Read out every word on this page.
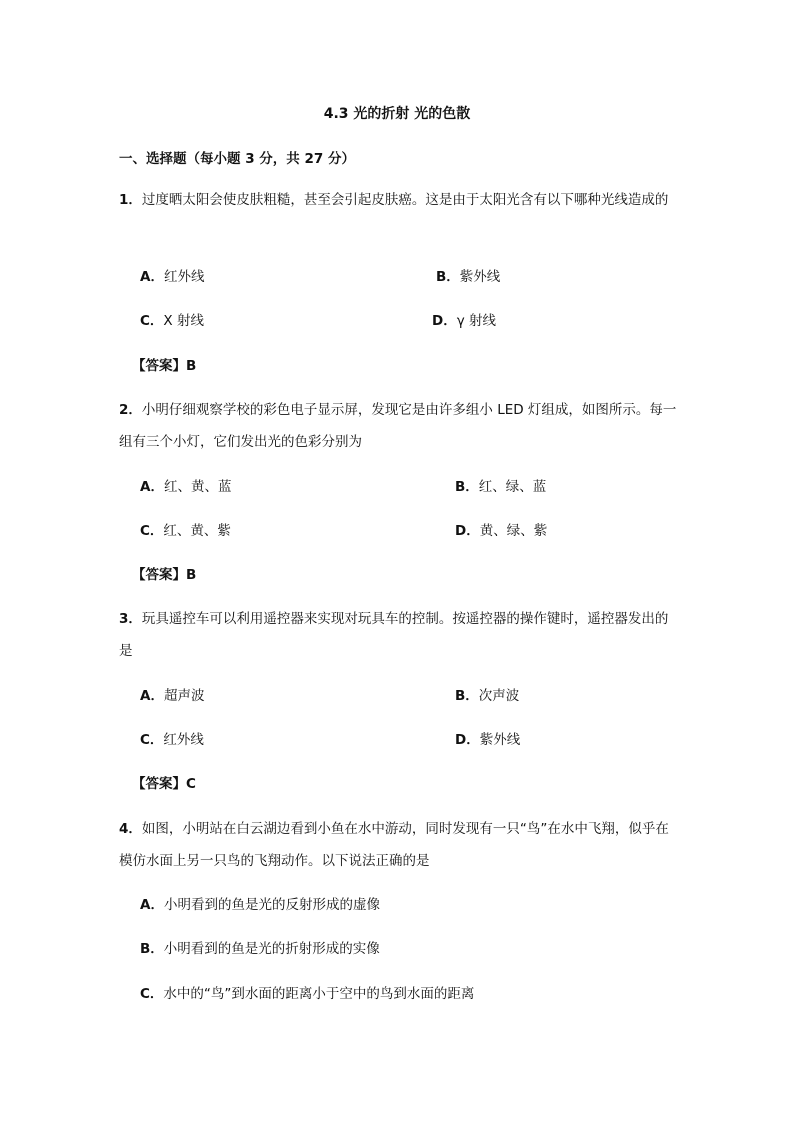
4.3 光的折射 光的色散
一、选择题（每小题 3 分，共 27 分）
1．过度晒太阳会使皮肤粗糙，甚至会引起皮肤癌。这是由于太阳光含有以下哪种光线造成的
A．红外线	B．紫外线
C．X 射线	D．γ 射线
【答案】B
2．小明仔细观察学校的彩色电子显示屏，发现它是由许多组小 LED 灯组成，如图所示。每一组有三个小灯，它们发出光的色彩分别为
A．红、黄、蓝	B．红、绿、蓝
C．红、黄、紫	D．黄、绿、紫
【答案】B
3．玩具遥控车可以利用遥控器来实现对玩具车的控制。按遥控器的操作键时，遥控器发出的是
A．超声波	B．次声波
C．红外线	D．紫外线
【答案】C
4．如图，小明站在白云湖边看到小鱼在水中游动，同时发现有一只“鸟”在水中飞翔，似乎在模仿水面上另一只鸟的飞翔动作。以下说法正确的是
A．小明看到的鱼是光的反射形成的虚像
B．小明看到的鱼是光的折射形成的实像
C．水中的“鸟”到水面的距离小于空中的鸟到水面的距离
